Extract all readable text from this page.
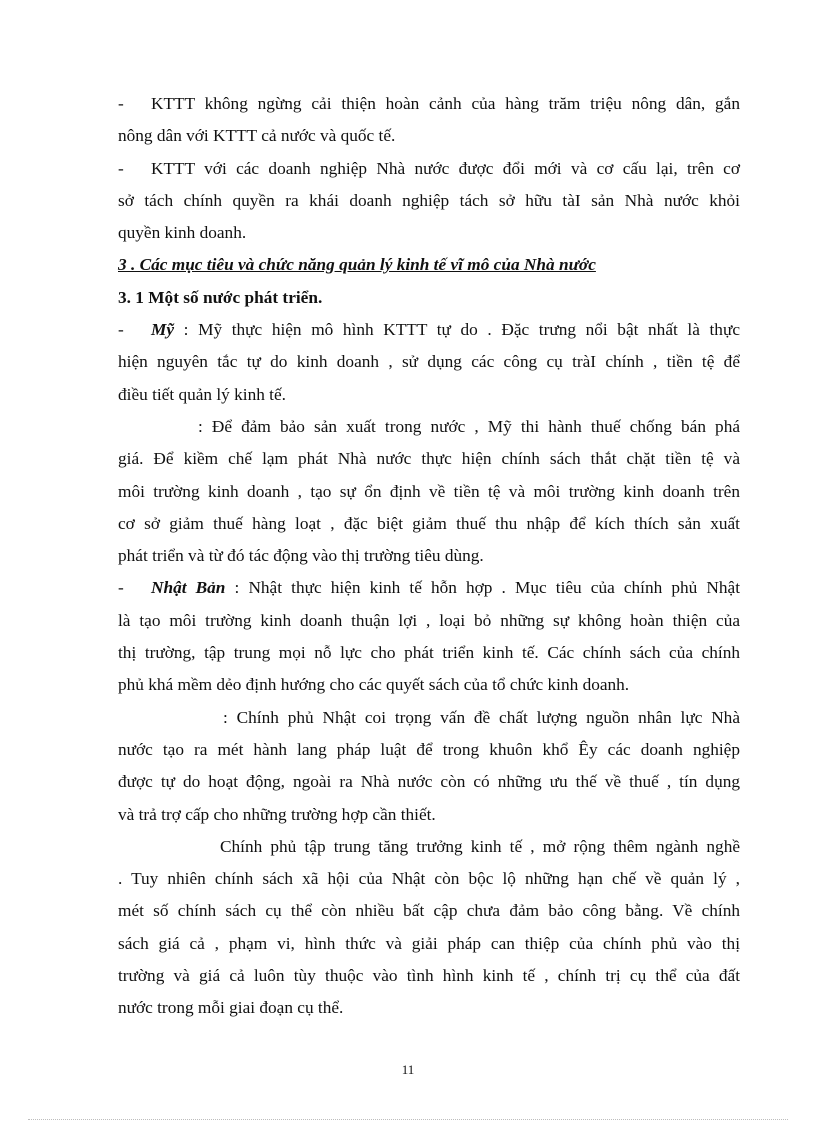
- KTTT không ngừng cải thiện hoàn cảnh của hàng trăm triệu nông dân, gắn
nông dân với KTTT cả nước và quốc tế.
- KTTT với các doanh nghiệp Nhà nước được đổi mới và cơ cấu lại, trên cơ
sở tách chính quyền ra khái doanh nghiệp tách sở hữu tàI sản Nhà nước khỏi
quyền kinh doanh.
3 . Các mục tiêu và chức năng quản lý kinh tế vĩ mô của Nhà nước
3. 1 Một số nước phát triển.
- Mỹ : Mỹ thực hiện mô hình KTTT tự do . Đặc trưng nổi bật nhất là thực
hiện nguyên tắc tự do kinh doanh , sử dụng các công cụ tràI chính , tiền tệ để
điều tiết quản lý kinh tế.
: Để đảm bảo sản xuất trong nước , Mỹ thi hành thuế chống bán phá
giá. Để kiềm chế lạm phát Nhà nước thực hiện chính sách thắt chặt tiền tệ và
môi trường kinh doanh , tạo sự ổn định về tiền tệ và môi trường kinh doanh trên
cơ sở giảm thuế hàng loạt , đặc biệt giảm thuế thu nhập để kích thích sản xuất
phát triển và từ đó tác động vào thị trường tiêu dùng.
- Nhật Bản : Nhật thực hiện kinh tế hỗn hợp . Mục tiêu của chính phủ Nhật
là tạo môi trường kinh doanh thuận lợi , loại bỏ những sự không hoàn thiện của
thị trường, tập trung mọi nỗ lực cho phát triển kinh tế. Các chính sách của chính
phủ khá mềm dẻo định hướng cho các quyết sách của tổ chức kinh doanh.
: Chính phủ Nhật coi trọng vấn đề chất lượng nguồn nhân lực Nhà
nước tạo ra mét hành lang pháp luật để trong khuôn khổ Êy các doanh nghiệp
được tự do hoạt động, ngoài ra Nhà nước còn có những ưu thế về thuế , tín dụng
và trả trợ cấp cho những trường hợp cần thiết.
Chính phủ tập trung tăng trưởng kinh tế , mở rộng thêm ngành nghề
. Tuy nhiên chính sách xã hội của Nhật còn bộc lộ những hạn chế về quản lý ,
mét số chính sách cụ thể còn nhiều bất cập chưa đảm bảo công bằng. Về chính
sách giá cả , phạm vi, hình thức và giải pháp can thiệp của chính phủ vào thị
trường và giá cả luôn tùy thuộc vào tình hình kinh tế , chính trị cụ thể của đất
nước trong mỗi giai đoạn cụ thể.
11
